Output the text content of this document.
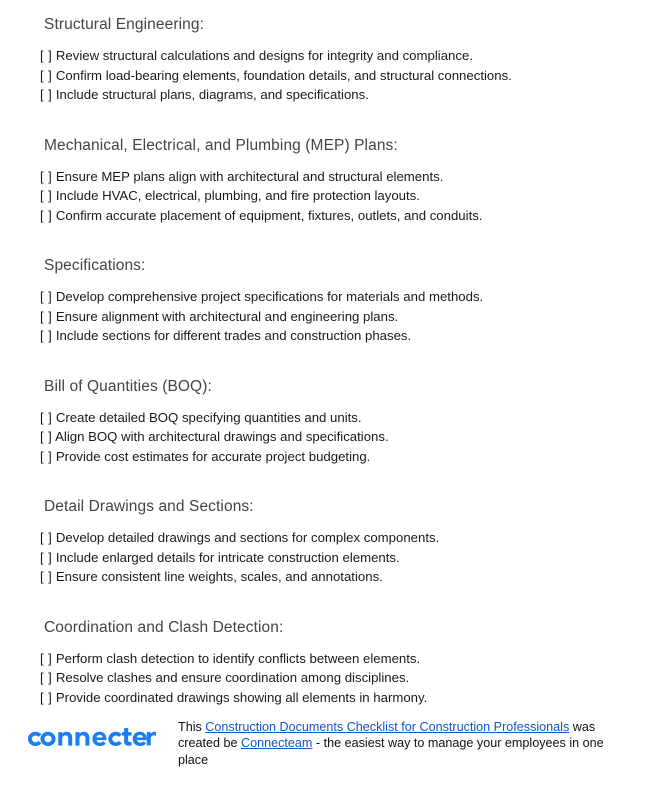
Structural Engineering:
[ ] Review structural calculations and designs for integrity and compliance.
[ ] Confirm load-bearing elements, foundation details, and structural connections.
[ ] Include structural plans, diagrams, and specifications.
Mechanical, Electrical, and Plumbing (MEP) Plans:
[ ] Ensure MEP plans align with architectural and structural elements.
[ ] Include HVAC, electrical, plumbing, and fire protection layouts.
[ ] Confirm accurate placement of equipment, fixtures, outlets, and conduits.
Specifications:
[ ] Develop comprehensive project specifications for materials and methods.
[ ] Ensure alignment with architectural and engineering plans.
[ ] Include sections for different trades and construction phases.
Bill of Quantities (BOQ):
[ ] Create detailed BOQ specifying quantities and units.
[ ] Align BOQ with architectural drawings and specifications.
[ ] Provide cost estimates for accurate project budgeting.
Detail Drawings and Sections:
[ ] Develop detailed drawings and sections for complex components.
[ ] Include enlarged details for intricate construction elements.
[ ] Ensure consistent line weights, scales, and annotations.
Coordination and Clash Detection:
[ ] Perform clash detection to identify conflicts between elements.
[ ] Resolve clashes and ensure coordination among disciplines.
[ ] Provide coordinated drawings showing all elements in harmony.

This Construction Documents Checklist for Construction Professionals was created be Connecteam - the easiest way to manage your employees in one place
